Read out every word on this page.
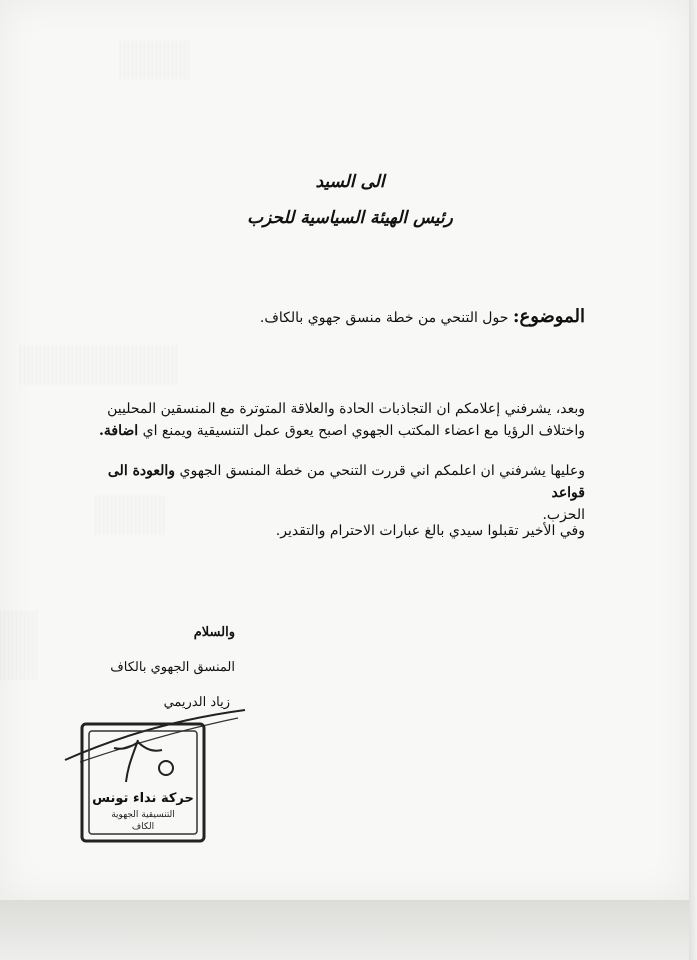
الى السيد
رئيس الهيئة السياسية للحزب
الموضوع: حول التنحي من خطة منسق جهوي بالكاف.
وبعد، يشرفني إعلامكم ان التجاذبات الحادة والعلاقة المتوترة مع المنسقين المحليين
واختلاف الرؤيا مع اعضاء المكتب الجهوي اصبح يعوق عمل التنسيقية ويمنع اي اضافة.
وعليها يشرفني ان اعلمكم اني قررت التنحي من خطة المنسق الجهوي والعودة الى قواعد
الحزب.
وفي الأخير تقبلوا سيدي بالغ عبارات الاحترام والتقدير.
والسلام
المنسق الجهوي بالكاف
زياد الدريمي
حركة نداء تونس
التنسيقية الجهوية
الكاف
